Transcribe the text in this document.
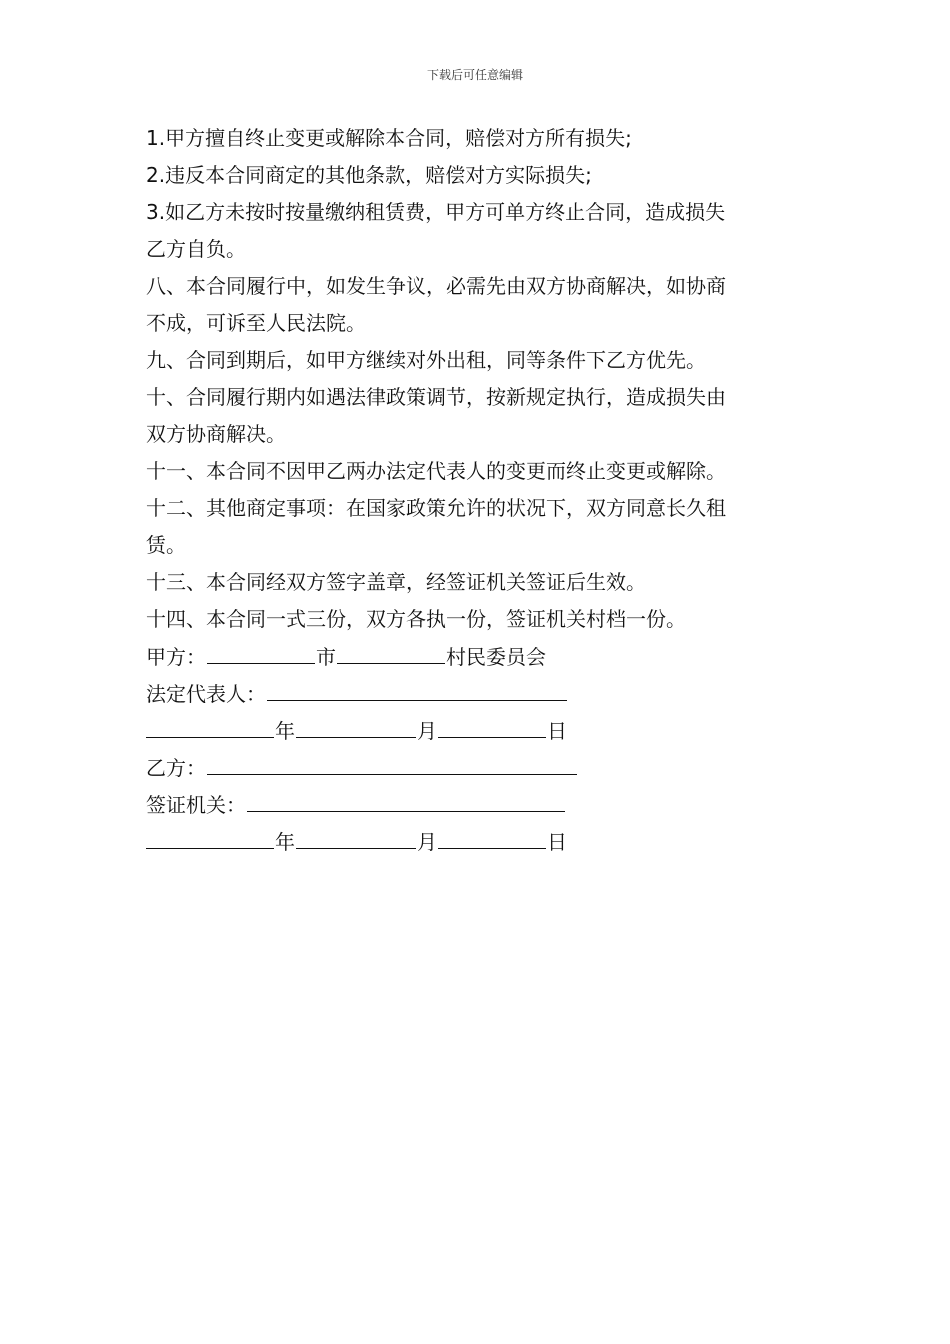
下载后可任意编辑
1.甲方擅自终止变更或解除本合同，赔偿对方所有损失;
2.违反本合同商定的其他条款，赔偿对方实际损失;
3.如乙方未按时按量缴纳租赁费，甲方可单方终止合同，造成损失
乙方自负。
八、本合同履行中，如发生争议，必需先由双方协商解决，如协商
不成，可诉至人民法院。
九、合同到期后，如甲方继续对外出租，同等条件下乙方优先。
十、合同履行期内如遇法律政策调节，按新规定执行，造成损失由
双方协商解决。
十一、本合同不因甲乙两办法定代表人的变更而终止变更或解除。
十二、其他商定事项：在国家政策允许的状况下，双方同意长久租
赁。
十三、本合同经双方签字盖章，经签证机关签证后生效。
十四、本合同一式三份，双方各执一份，签证机关村档一份。
甲方：	市	村民委员会
法定代表人：
年	月	日
乙方：
签证机关：
年	月	日
